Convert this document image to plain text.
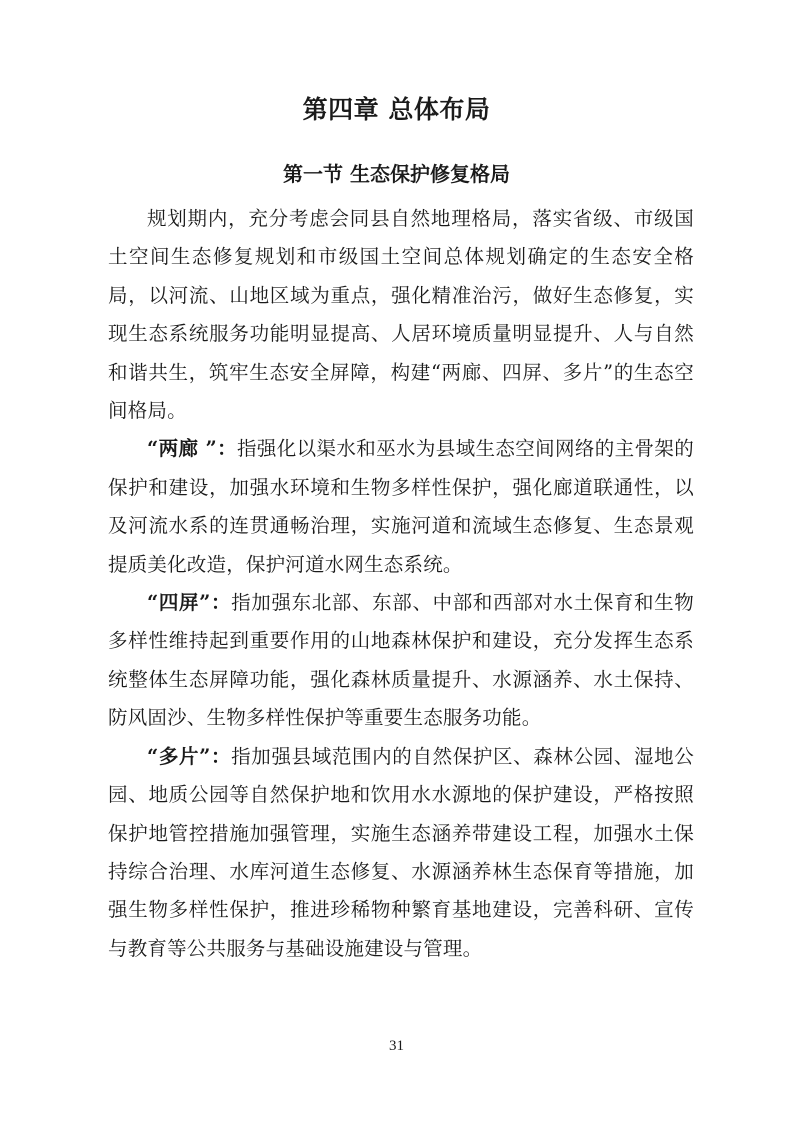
第四章 总体布局
第一节 生态保护修复格局

规划期内，充分考虑会同县自然地理格局，落实省级、市级国土空间生态修复规划和市级国土空间总体规划确定的生态安全格局，以河流、山地区域为重点，强化精准治污，做好生态修复，实现生态系统服务功能明显提高、人居环境质量明显提升、人与自然和谐共生，筑牢生态安全屏障，构建“两廊、四屏、多片”的生态空间格局。

“两廊 ”：指强化以渠水和巫水为县域生态空间网络的主骨架的保护和建设，加强水环境和生物多样性保护，强化廊道联通性，以及河流水系的连贯通畅治理，实施河道和流域生态修复、生态景观提质美化改造，保护河道水网生态系统。

“四屏”：指加强东北部、东部、中部和西部对水土保育和生物多样性维持起到重要作用的山地森林保护和建设，充分发挥生态系统整体生态屏障功能，强化森林质量提升、水源涵养、水土保持、防风固沙、生物多样性保护等重要生态服务功能。

“多片”：指加强县域范围内的自然保护区、森林公园、湿地公园、地质公园等自然保护地和饮用水水源地的保护建设，严格按照保护地管控措施加强管理，实施生态涵养带建设工程，加强水土保持综合治理、水库河道生态修复、水源涵养林生态保育等措施，加强生物多样性保护，推进珍稀物种繁育基地建设，完善科研、宣传与教育等公共服务与基础设施建设与管理。

31
